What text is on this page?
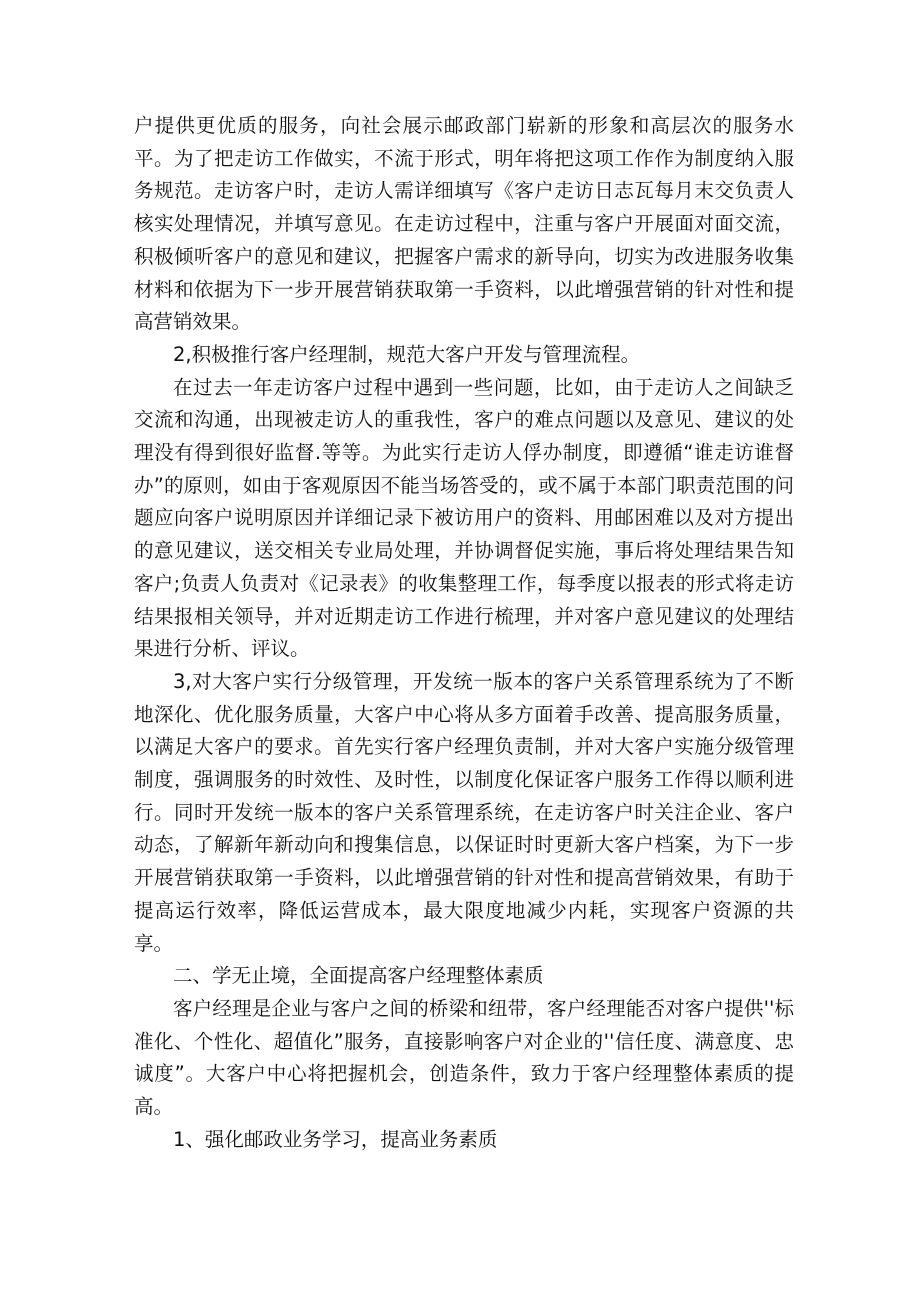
户提供更优质的服务，向社会展示邮政部门崭新的形象和高层次的服务水平。为了把走访工作做实，不流于形式，明年将把这项工作作为制度纳入服务规范。走访客户时，走访人需详细填写《客户走访日志瓦每月末交负责人核实处理情况，并填写意见。在走访过程中，注重与客户开展面对面交流，积极倾听客户的意见和建议，把握客户需求的新导向，切实为改进服务收集材料和依据为下一步开展营销获取第一手资料，以此增强营销的针对性和提高营销效果。

2,积极推行客户经理制，规范大客户开发与管理流程。

在过去一年走访客户过程中遇到一些问题，比如，由于走访人之间缺乏交流和沟通，出现被走访人的重我性，客户的难点问题以及意见、建议的处理没有得到很好监督.等等。为此实行走访人俘办制度，即遵循“谁走访谁督办”的原则，如由于客观原因不能当场答受的，或不属于本部门职责范围的问题应向客户说明原因并详细记录下被访用户的资料、用邮困难以及对方提出的意见建议，送交相关专业局处理，并协调督促实施，事后将处理结果告知客户;负责人负责对《记录表》的收集整理工作，每季度以报表的形式将走访结果报相关领导，并对近期走访工作进行梳理，并对客户意见建议的处理结果进行分析、评议。

3,对大客户实行分级管理，开发统一版本的客户关系管理系统为了不断地深化、优化服务质量，大客户中心将从多方面着手改善、提高服务质量，以满足大客户的要求。首先实行客户经理负责制，并对大客户实施分级管理制度，强调服务的时效性、及时性，以制度化保证客户服务工作得以顺利进行。同时开发统一版本的客户关系管理系统，在走访客户时关注企业、客户动态，了解新年新动向和搜集信息，以保证时时更新大客户档案，为下一步开展营销获取第一手资料，以此增强营销的针对性和提高营销效果，有助于提高运行效率，降低运营成本，最大限度地减少内耗，实现客户资源的共享。

二、学无止境，全面提高客户经理整体素质

客户经理是企业与客户之间的桥梁和纽带，客户经理能否对客户提供''标准化、个性化、超值化”服务，直接影响客户对企业的''信任度、满意度、忠诚度”。大客户中心将把握机会，创造条件，致力于客户经理整体素质的提高。

1、强化邮政业务学习，提高业务素质
